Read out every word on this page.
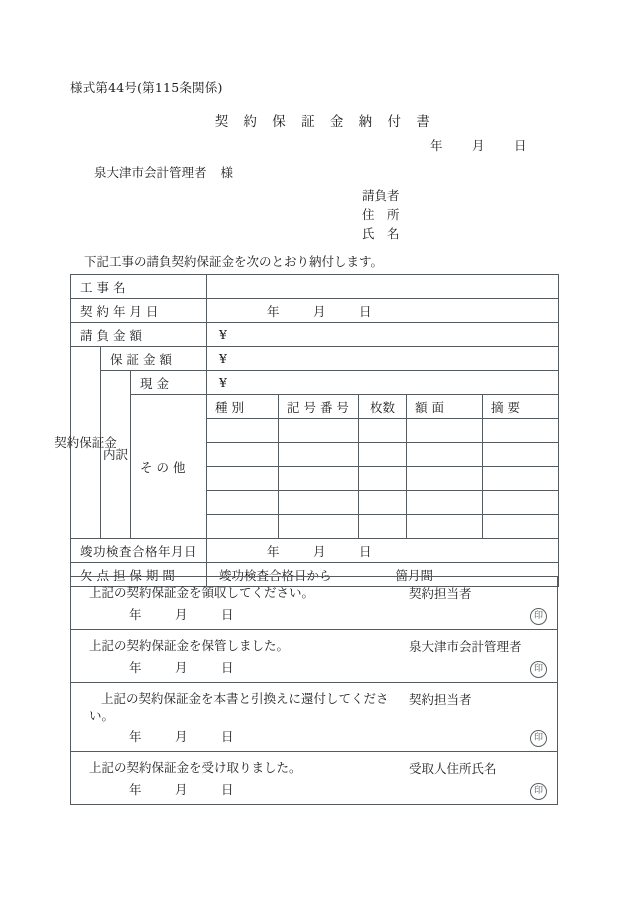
様式第44号(第115条関係)
契 約 保 証 金 納 付 書
年 月 日
泉大津市会計管理者 様
請負者
住　所
氏　名
下記工事の請負契約保証金を次のとおり納付します。
工 事 名							

契 約 年 月 日			年 月 日				

請 負 金 額			¥				

契約保証金	保 証 金 額		¥				

内訳	現 金	¥				

そ の 他	種 別	記 号 番 号	枚数	額 面	摘 要

竣功検査合格年月日			年 月 日				

欠 点 担 保 期 間			竣功検査合格日から 箇月間				
上記の契約保証金を領収してください。	契約担当者
年	月	日	印

上記の契約保証金を保管しました。	泉大津市会計管理者
年	月	日	印

上記の契約保証金を本書と引換えに還付してください。
契約担当者
年	月	日	印

上記の契約保証金を受け取りました。	受取人住所氏名
年	月	日	印
